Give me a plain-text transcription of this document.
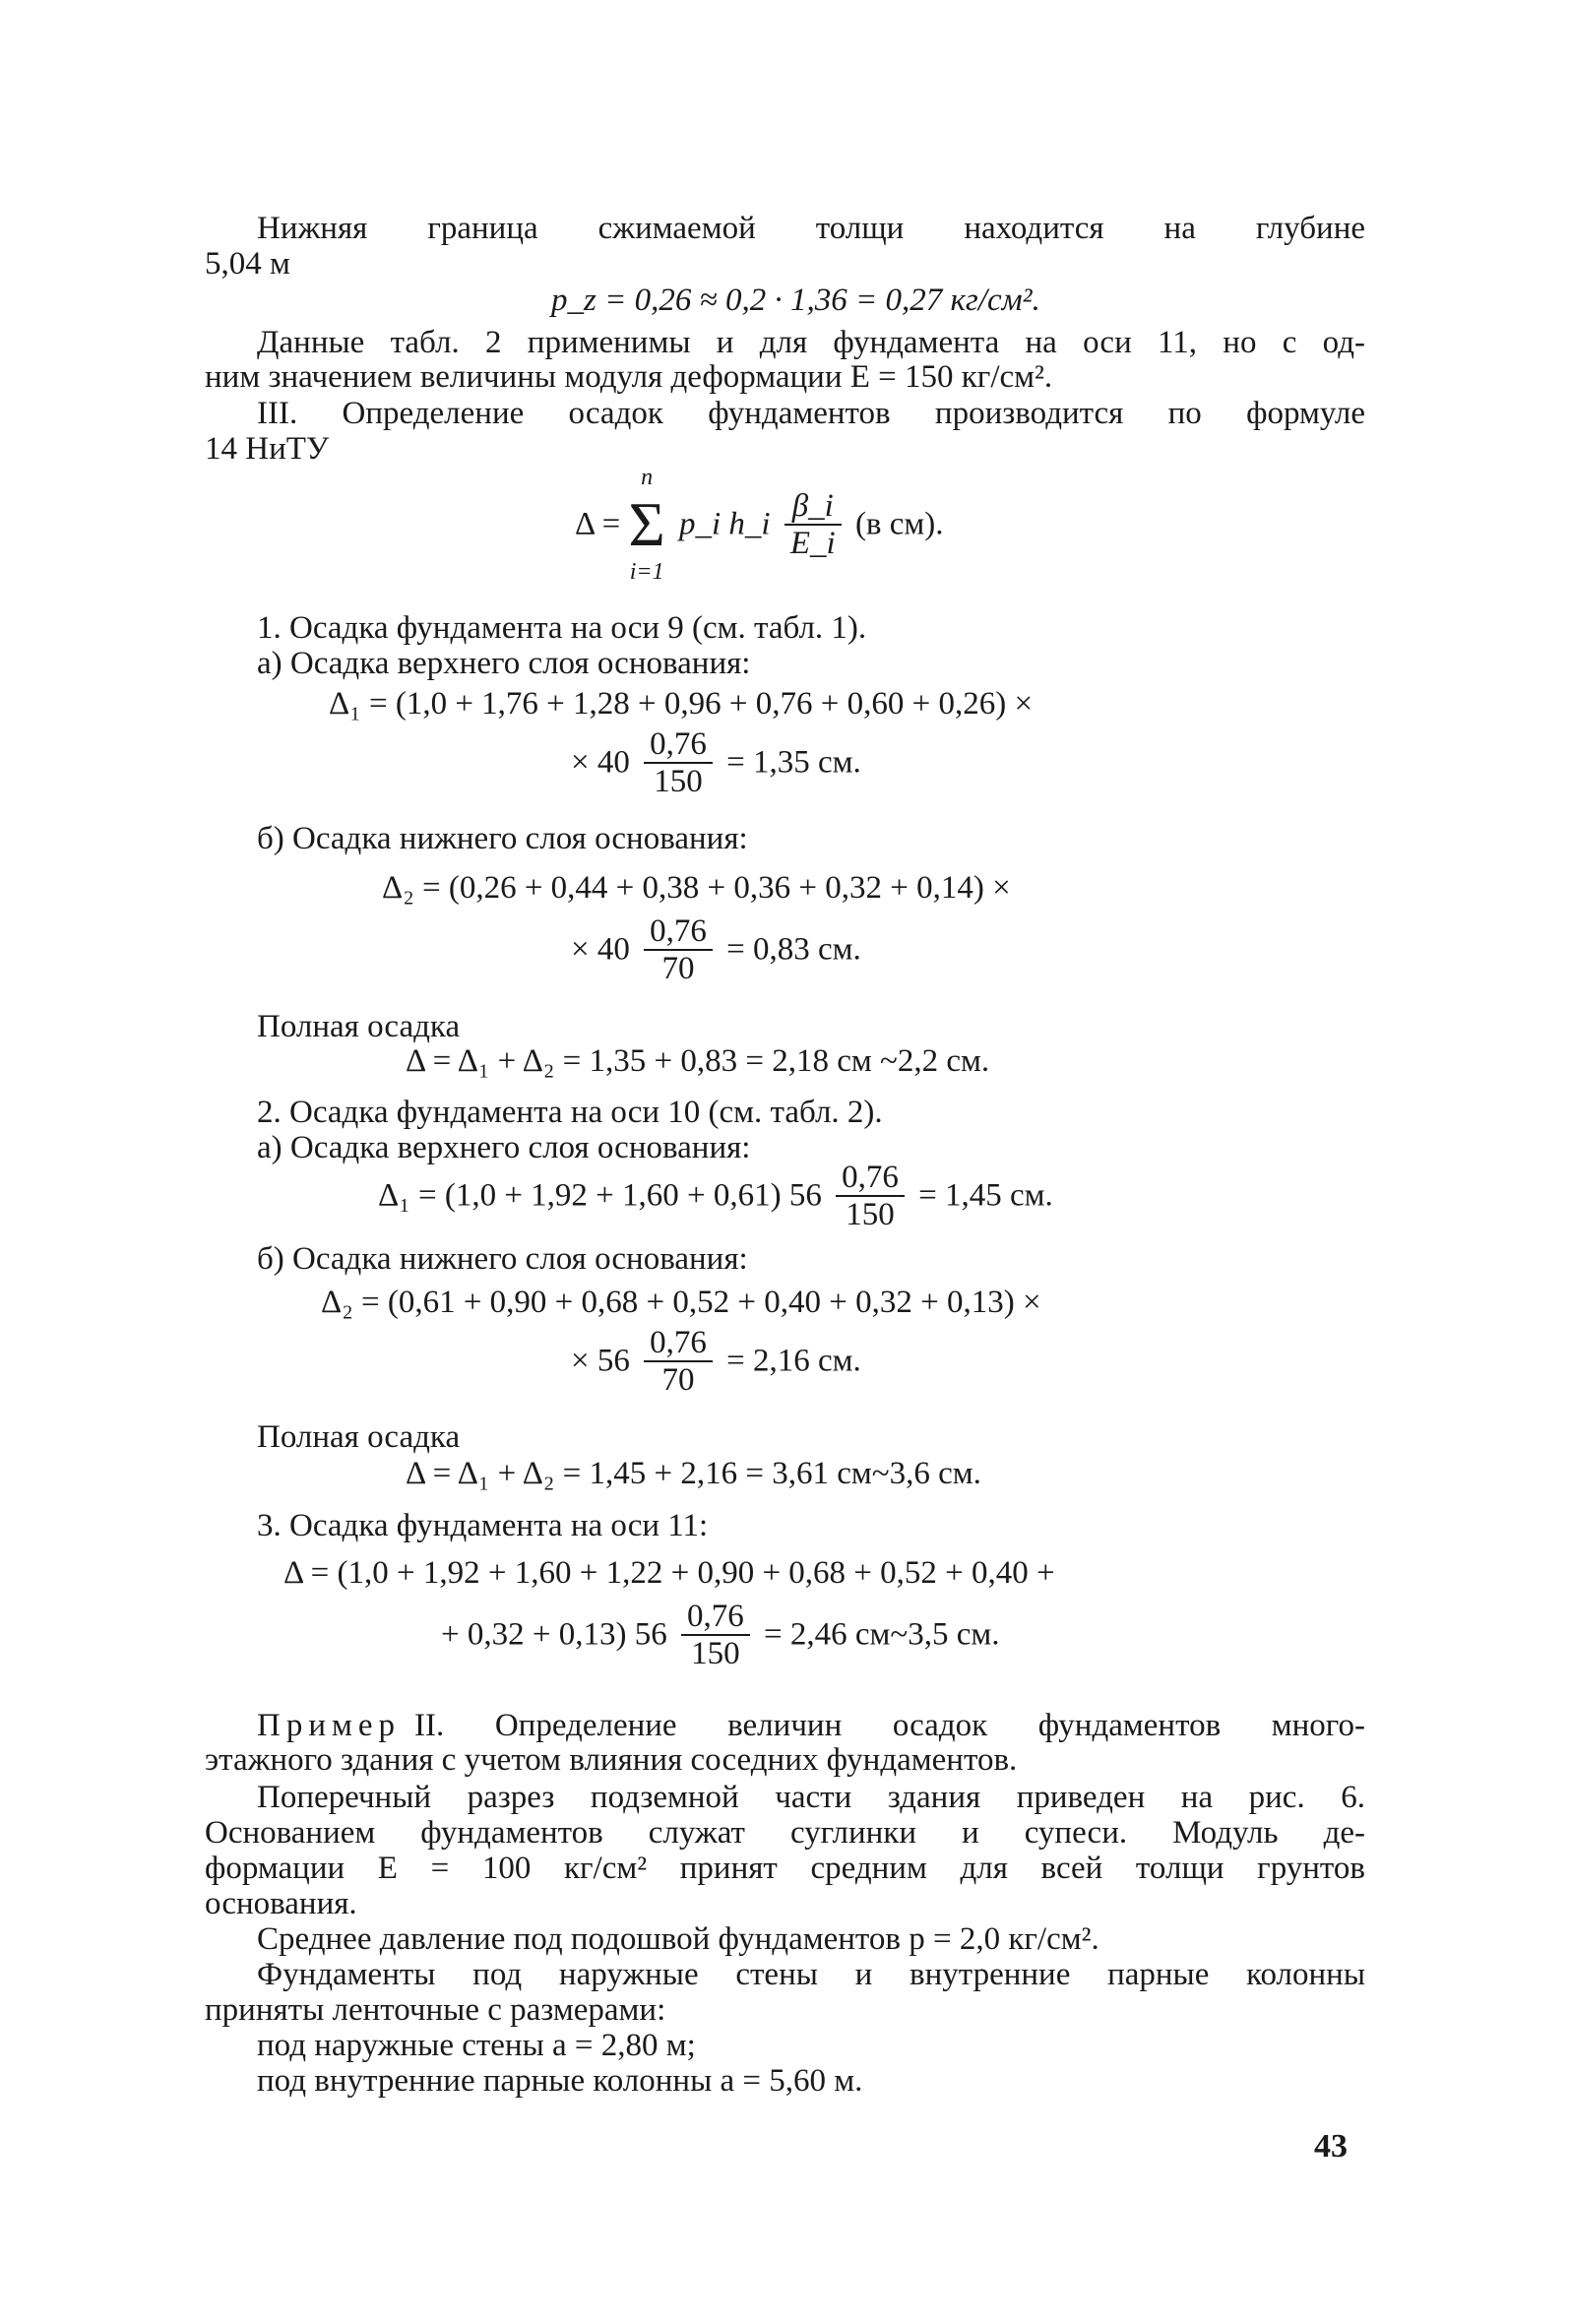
Нижняя граница сжимаемой толщи находится на глубине
5,04 м
p_z = 0,26 ≈ 0,2 · 1,36 = 0,27 кг/см².
Данные табл. 2 применимы и для фундамента на оси 11, но с од-
ним значением величины модуля деформации E = 150 кг/см².
III. Определение осадок фундаментов производится по формуле
14 НиТУ
Δ =
n
Σ
i=1
p_i h_i $\frac{\beta\_i}{E\_i} (в$ см).
1. Осадка фундамента на оси 9 (см. табл. 1).
а) Осадка верхнего слоя основания:
Δ₁ = (1,0 + 1,76 + 1,28 + 0,96 + 0,76 + 0,60 + 0,26) ×
× $40 \frac{0,76}{150} = 1,35$ см.
б) Осадка нижнего слоя основания:
Δ₂ = (0,26 + 0,44 + 0,38 + 0,36 + 0,32 + 0,14) ×
× $40 \frac{0,76}{70} = 0,83$ см.
Полная осадка
Δ = Δ₁ + Δ₂ = 1,35 + 0,83 = 2,18 см ~2,2 см.
2. Осадка фундамента на оси 10 (см. табл. 2).
а) Осадка верхнего слоя основания:
Δ₁ = (1,0 + 1,92 + 1,60 + 0,61) $56 \frac{0,76}{150} = 1,45$ см.
б) Осадка нижнего слоя основания:
Δ₂ = (0,61 + 0,90 + 0,68 + 0,52 + 0,40 + 0,32 + 0,13) ×
× $56 \frac{0,76}{70} = 2,16$ см.
Полная осадка
Δ = Δ₁ + Δ₂ = 1,45 + 2,16 = 3,61 см~3,6 см.
3. Осадка фундамента на оси 11:
Δ = (1,0 + 1,92 + 1,60 + 1,22 + 0,90 + 0,68 + 0,52 + 0,40 +
+ 0,32 + 0,13) $56 \frac{0,76}{150} = 2,46$ см~3,5 см.
Пример II. Определение величин осадок фундаментов много-
этажного здания с учетом влияния соседних фундаментов.
Поперечный разрез подземной части здания приведен на рис. 6.
Основанием фундаментов служат суглинки и супеси. Модуль де-
формации E = 100 кг/см² принят средним для всей толщи грунтов
основания.
Среднее давление под подошвой фундаментов p = 2,0 кг/см².
Фундаменты под наружные стены и внутренние парные колонны
приняты ленточные с размерами:
под наружные стены a = 2,80 м;
под внутренние парные колонны a = 5,60 м.
43
